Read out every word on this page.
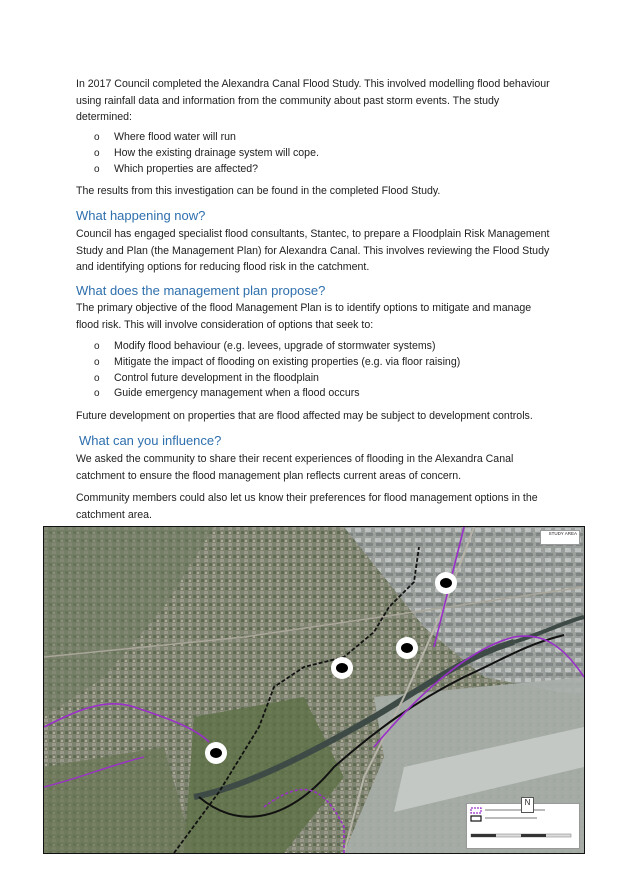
In 2017 Council completed the Alexandra Canal Flood Study. This involved modelling flood behaviour using rainfall data and information from the community about past storm events. The study determined:

o Where flood water will run
o How the existing drainage system will cope.
o Which properties are affected?

The results from this investigation can be found in the completed Flood Study.

What happening now?

Council has engaged specialist flood consultants, Stantec, to prepare a Floodplain Risk Management Study and Plan (the Management Plan) for Alexandra Canal. This involves reviewing the Flood Study and identifying options for reducing flood risk in the catchment.

What does the management plan propose?

The primary objective of the flood Management Plan is to identify options to mitigate and manage flood risk. This will involve consideration of options that seek to:

o Modify flood behaviour (e.g. levees, upgrade of stormwater systems)
o Mitigate the impact of flooding on existing properties (e.g. via floor raising)
o Control future development in the floodplain
o Guide emergency management when a flood occurs

Future development on properties that are flood affected may be subject to development controls.

What can you influence?

We asked the community to share their recent experiences of flooding in the Alexandra Canal catchment to ensure the flood management plan reflects current areas of concern.

Community members could also let us know their preferences for flood management options in the catchment area.

STUDY AREA
N
